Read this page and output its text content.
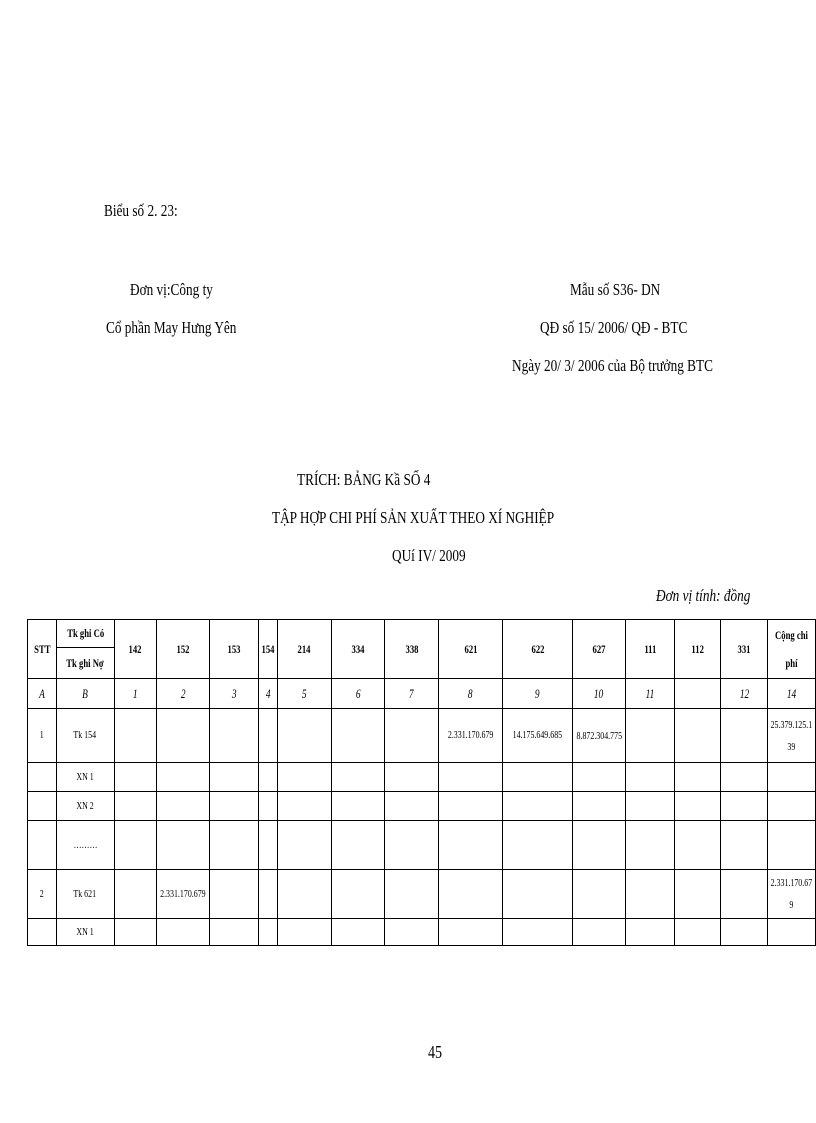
Biểu số 2. 23:
Đơn vị:Công ty
Cổ phần May Hưng Yên
Mẫu số S36- DN
QĐ số 15/ 2006/ QĐ - BTC
Ngày 20/ 3/ 2006 của Bộ trưởng BTC
TRÍCH: BẢNG Kầ SỐ 4
TẬP HỢP CHI PHÍ SẢN XUẤT THEO XÍ NGHIỆP
QUí IV/ 2009
Đơn vị tính: đồng
STT	Tk ghi Có
Tk ghi Nợ	142	152	153	154	214	334	338	621	622	627	111	112	331	Cộng chi
phí

A	B	1	2	3	4	5	6	7	8	9	10	11		12	14
1	Tk 154								2.331.170.679	14.175.649.685	8.872.304.775				25.379.125.139

	XN 1														
	XN 2														
	………														
2	Tk 621		2.331.170.679												2.331.170.679

	XN 1														
45
